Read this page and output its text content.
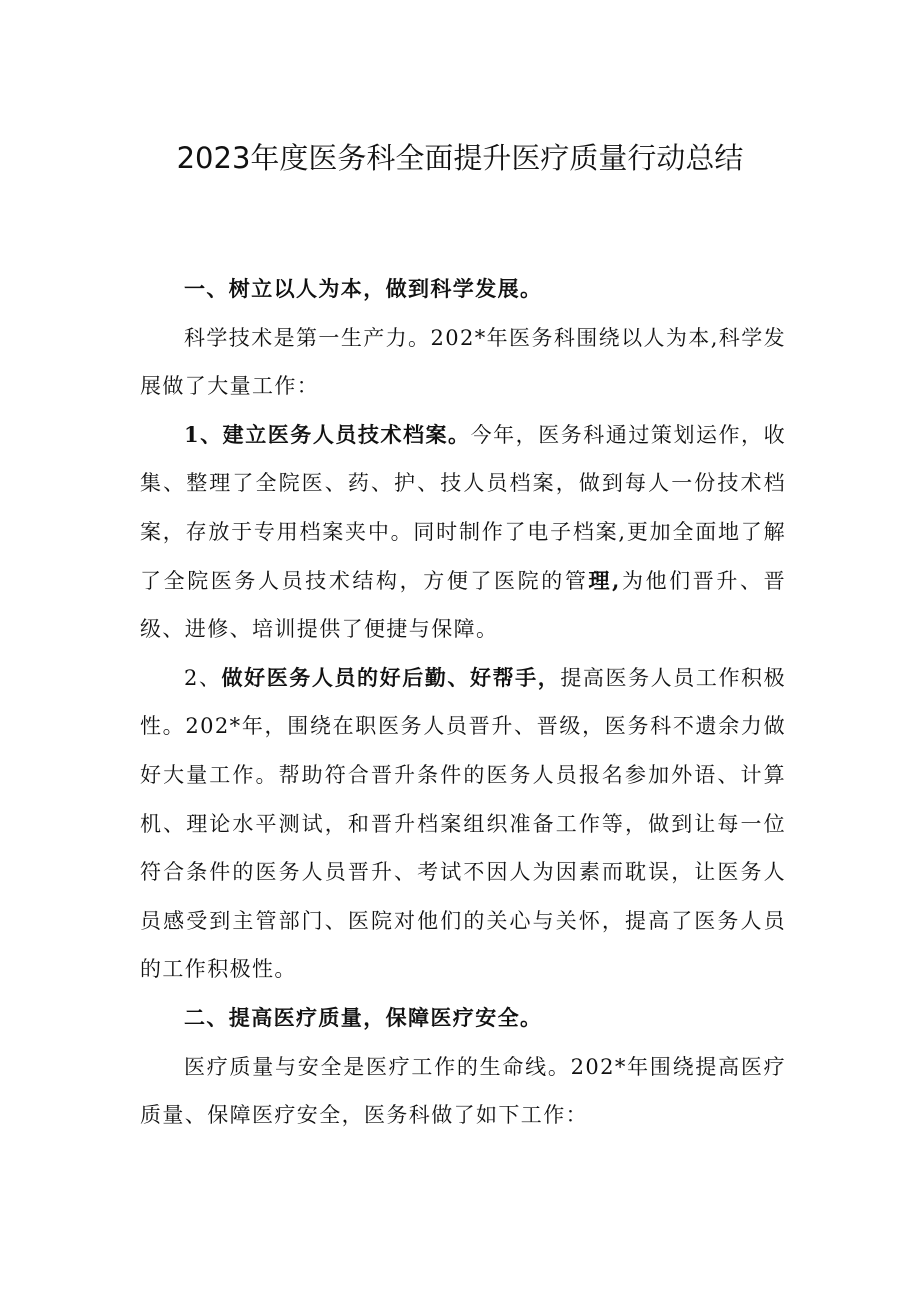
2023年度医务科全面提升医疗质量行动总结

一、树立以人为本，做到科学发展。

科学技术是第一生产力。202*年医务科围绕以人为本,科学发展做了大量工作：

1、建立医务人员技术档案。今年，医务科通过策划运作，收集、整理了全院医、药、护、技人员档案，做到每人一份技术档案，存放于专用档案夹中。同时制作了电子档案,更加全面地了解了全院医务人员技术结构，方便了医院的管理,为他们晋升、晋级、进修、培训提供了便捷与保障。

2、做好医务人员的好后勤、好帮手，提高医务人员工作积极性。202*年，围绕在职医务人员晋升、晋级，医务科不遗余力做好大量工作。帮助符合晋升条件的医务人员报名参加外语、计算机、理论水平测试，和晋升档案组织准备工作等，做到让每一位符合条件的医务人员晋升、考试不因人为因素而耽误，让医务人员感受到主管部门、医院对他们的关心与关怀，提高了医务人员的工作积极性。

二、提高医疗质量，保障医疗安全。

医疗质量与安全是医疗工作的生命线。202*年围绕提高医疗质量、保障医疗安全，医务科做了如下工作：
